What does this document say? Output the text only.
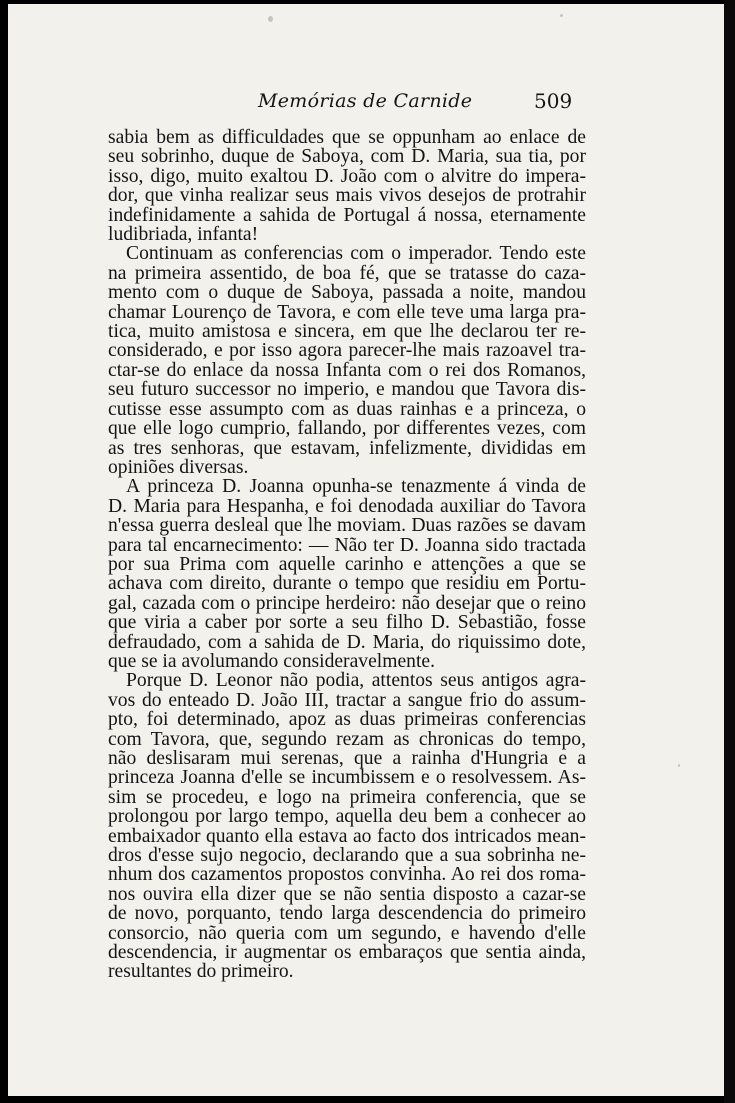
Memórias de Carnide	509
sabia bem as difficuldades que se oppunham ao enlace de
seu sobrinho, duque de Saboya, com D. Maria, sua tia, por
isso, digo, muito exaltou D. João com o alvitre do impera-
dor, que vinha realizar seus mais vivos desejos de protrahir
indefinidamente a sahida de Portugal á nossa, eternamente
ludibriada, infanta!
Continuam as conferencias com o imperador. Tendo este
na primeira assentido, de boa fé, que se tratasse do caza-
mento com o duque de Saboya, passada a noite, mandou
chamar Lourenço de Tavora, e com elle teve uma larga pra-
tica, muito amistosa e sincera, em que lhe declarou ter re-
considerado, e por isso agora parecer-lhe mais razoavel tra-
ctar-se do enlace da nossa Infanta com o rei dos Romanos,
seu futuro successor no imperio, e mandou que Tavora dis-
cutisse esse assumpto com as duas rainhas e a princeza, o
que elle logo cumprio, fallando, por differentes vezes, com
as tres senhoras, que estavam, infelizmente, divididas em
opiniões diversas.
A princeza D. Joanna opunha-se tenazmente á vinda de
D. Maria para Hespanha, e foi denodada auxiliar do Tavora
n'essa guerra desleal que lhe moviam. Duas razões se davam
para tal encarnecimento: — Não ter D. Joanna sido tractada
por sua Prima com aquelle carinho e attenções a que se
achava com direito, durante o tempo que residiu em Portu-
gal, cazada com o principe herdeiro: não desejar que o reino
que viria a caber por sorte a seu filho D. Sebastião, fosse
defraudado, com a sahida de D. Maria, do riquissimo dote,
que se ia avolumando consideravelmente.
Porque D. Leonor não podia, attentos seus antigos agra-
vos do enteado D. João III, tractar a sangue frio do assum-
pto, foi determinado, apoz as duas primeiras conferencias
com Tavora, que, segundo rezam as chronicas do tempo,
não deslisaram mui serenas, que a rainha d'Hungria e a
princeza Joanna d'elle se incumbissem e o resolvessem. As-
sim se procedeu, e logo na primeira conferencia, que se
prolongou por largo tempo, aquella deu bem a conhecer ao
embaixador quanto ella estava ao facto dos intricados mean-
dros d'esse sujo negocio, declarando que a sua sobrinha ne-
nhum dos cazamentos propostos convinha. Ao rei dos roma-
nos ouvira ella dizer que se não sentia disposto a cazar-se
de novo, porquanto, tendo larga descendencia do primeiro
consorcio, não queria com um segundo, e havendo d'elle
descendencia, ir augmentar os embaraços que sentia ainda,
resultantes do primeiro.
